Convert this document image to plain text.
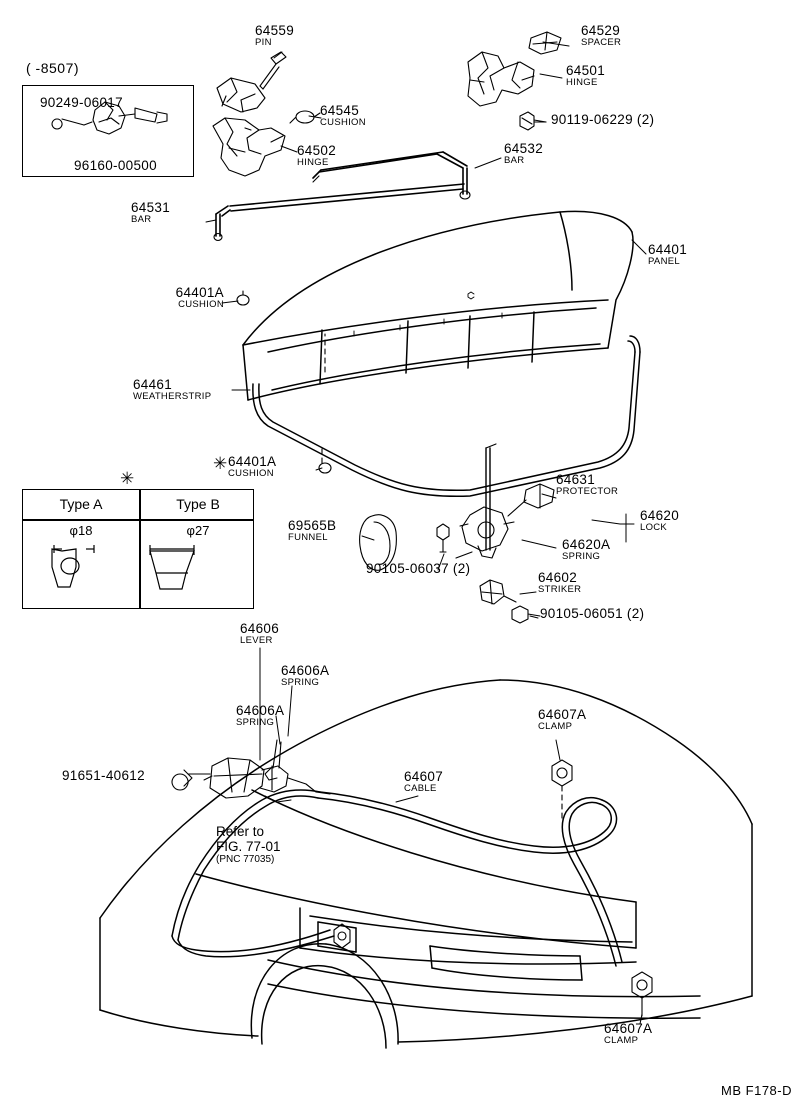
( -8507)
90249-06017
96160-00500
Type A	Type B
φ18	φ27
✳
✳
64559
PIN
64529
SPACER
64501
HINGE
64545
CUSHION	90119-06229 (2)
64502
HINGE
64532
BAR
64531
BAR
64401
PANEL
64401A
CUSHION
64461
WEATHERSTRIP
64401A
CUSHION	64631
PROTECTOR
64620
LOCK
64620A
SPRING
69565B
FUNNEL
90105-06037 (2)
64602
STRIKER
90105-06051 (2)
64606
LEVER
64606A
SPRING
64606A
SPRING
91651-40612	64607
CABLE
64607A
CLAMP
64607A
CLAMP
Refer to
FIG. 77-01
(PNC 77035)
MB F178-D
